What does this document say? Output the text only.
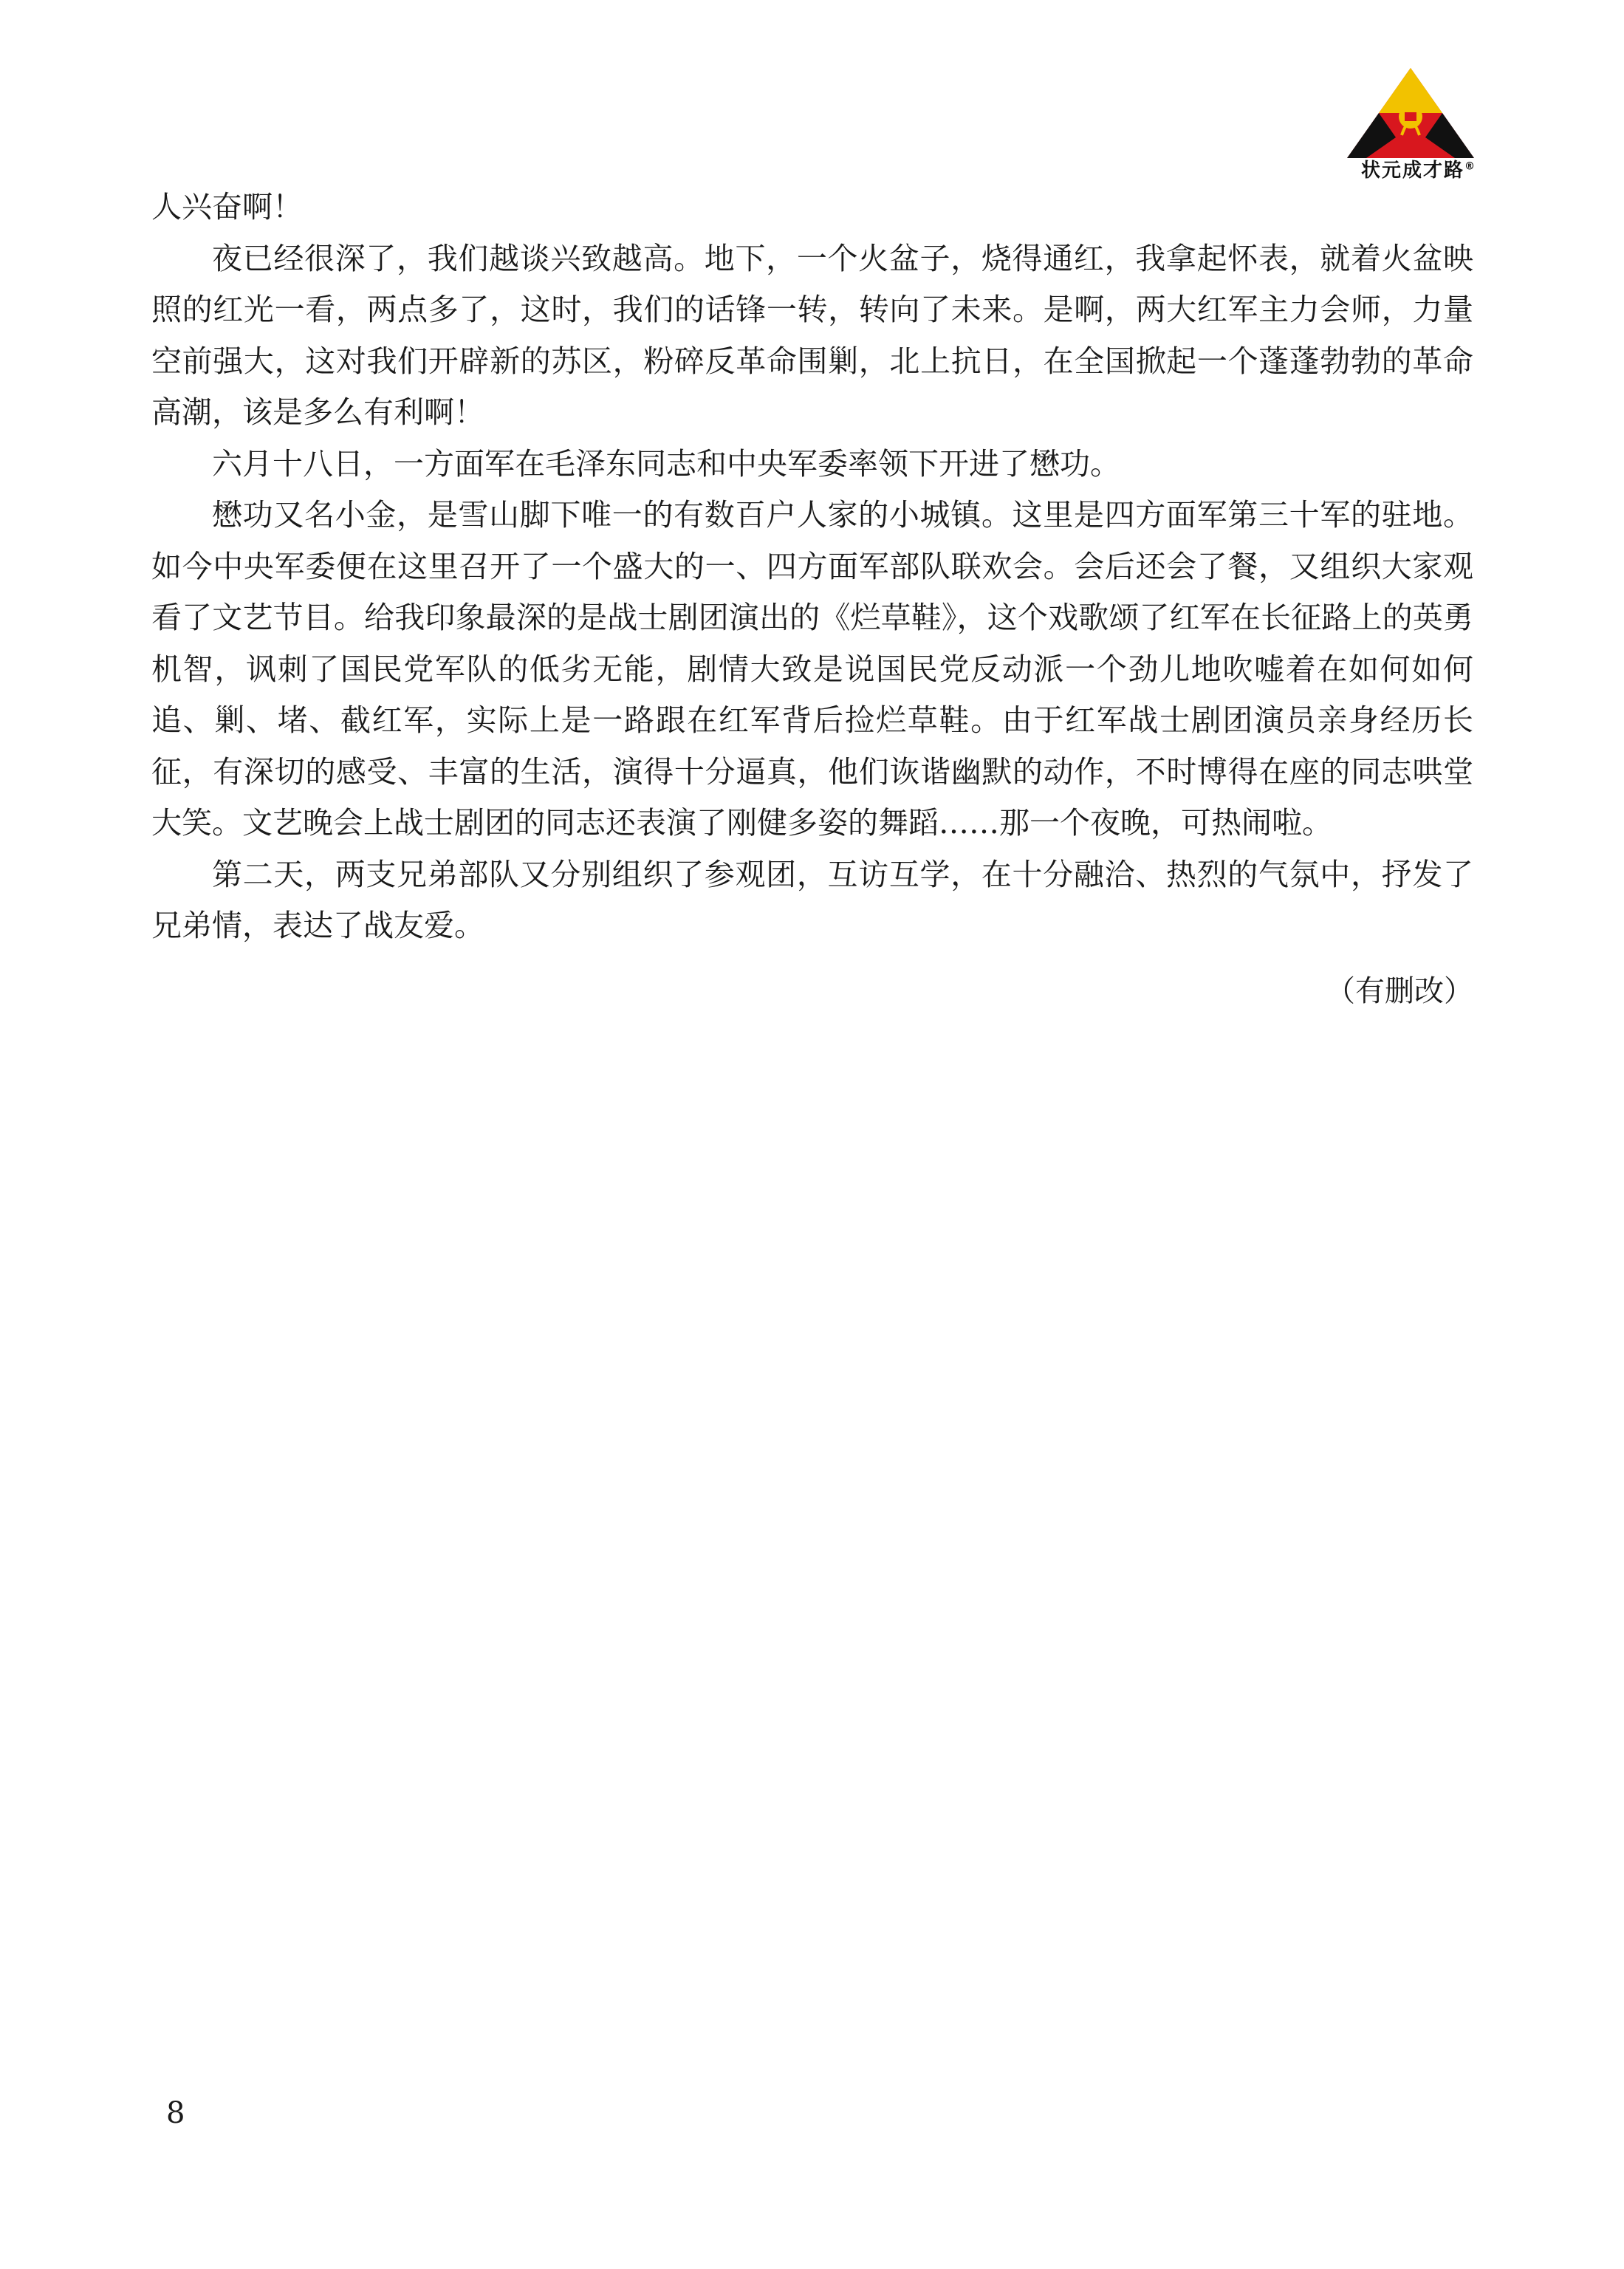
状元成才路®

人兴奋啊！

夜已经很深了，我们越谈兴致越高。地下，一个火盆子，烧得通红，我拿起怀表，就着火盆映照的红光一看，两点多了，这时，我们的话锋一转，转向了未来。是啊，两大红军主力会师，力量空前强大，这对我们开辟新的苏区，粉碎反革命围剿，北上抗日，在全国掀起一个蓬蓬勃勃的革命高潮，该是多么有利啊！

六月十八日，一方面军在毛泽东同志和中央军委率领下开进了懋功。

懋功又名小金，是雪山脚下唯一的有数百户人家的小城镇。这里是四方面军第三十军的驻地。如今中央军委便在这里召开了一个盛大的一、四方面军部队联欢会。会后还会了餐，又组织大家观看了文艺节目。给我印象最深的是战士剧团演出的《烂草鞋》，这个戏歌颂了红军在长征路上的英勇机智，讽刺了国民党军队的低劣无能，剧情大致是说国民党反动派一个劲儿地吹嘘着在如何如何追、剿、堵、截红军，实际上是一路跟在红军背后捡烂草鞋。由于红军战士剧团演员亲身经历长征，有深切的感受、丰富的生活，演得十分逼真，他们诙谐幽默的动作，不时博得在座的同志哄堂大笑。文艺晚会上战士剧团的同志还表演了刚健多姿的舞蹈……那一个夜晚，可热闹啦。

第二天，两支兄弟部队又分别组织了参观团，互访互学，在十分融洽、热烈的气氛中，抒发了兄弟情，表达了战友爱。

（有删改）
8
